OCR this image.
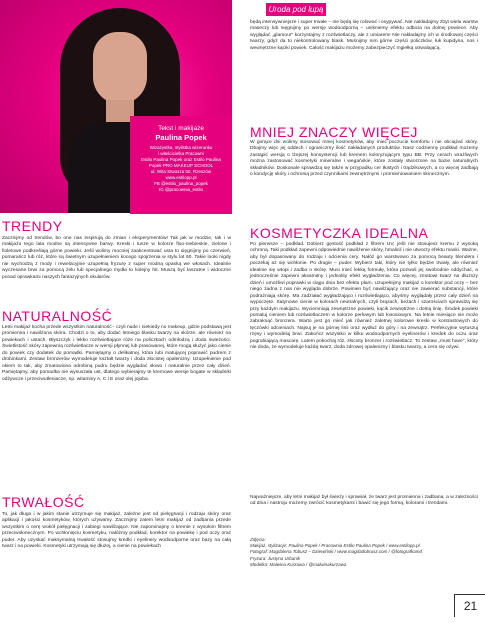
Uroda pod lupą
Tekst i makijaże
Paulina Popek
Wizażystka, stylistka wizerunku
i właścicielka Pracowni
Estilo Paulina Popek oraz Estilo Paulina
Popek PRO MAKEUP SCHOOL
ul. Wita Stwosza 50, Rzeszów
www.estilopp.pl
FB @estilo_paulina_popek
IG @pracownia_estilo
TRENDY

Zacznijmy od trendów, bo one nas inspirują do zmian i eksperymentów! Tak jak w modzie, tak i w makijażu tego lata modne są intensywne barwy. Kreski i tusze w kolorze fluo-niebieskie, zielone i fioletowe podkreślają górne powieki. Jeśli wolimy mocniej zaakcentować usta to sięgnijmy po czerwień, pomarańcz lub róż, które są świetnym uzupełnieniem kocego spojrzenia w stylu lat 60. Takie looki nigdy nie wychodzą z mody i rewelacyjnie uzupełnią fryzurę z super modną opaską we włosach. Idealnie wyczesane brwi za pomocą żelu lub specjalnego mydła to kolejny hit. Muszą być łaszatne i widoczne ponad oprawkami naszych fantazyjnych okularów.

NATURALNOŚĆ

Letni makijaż kocha przede wszystkim naturalność - czyli nude i niekiedy no makeup, gdzie podstawą jest promienna i nawilżona skóra. Chodzi o to, aby dodać letniego blasku twarzy na skórze, ale również na powiekach i ustach. Błyszczyk i lekko rozświetlające róże na policzkach odmłodzą i doda świeżości. Świetlistość skóry zapewnią rozświetlacze w wersji płynnej lub prasowanej, które mogą służyć jako cienie do powiek czy dodatek do pomadki. Pamiętajmy o delikatnej, która lubi matującej poprawić pudrem z drobinkami. Zestaw bronzerów wymodeluje kształt twarzy i doda złocistej opalenizny. Uzupełnienie pod okiem to tak, aby zmatowiona odrobiną pudru będzie wygladać słowo i naturalnie przez cały dzień. Pamiętajmy, aby pomadka nie wysuszała ust, dlatego wybierajmy te kremowe wersje bogate w składniki odżywcze i przeciwutleniacze, np. witaminy A, C i E oraz olej jojoba.

TRWAŁOŚĆ

To, jak długo i w jakim stanie utrzymuje się makijaż, zależne jest od pielęgnacji i rodzaju skóry oraz aplikacji i jakości kosmetyków, których używamy. Zacznijmy zatem letni makijaż od zadbania przede wszystkim o cerę wokół pielęgnacji i zabiegi nawilżające. Nie zapominajmy o kremie z wysokim filtrem przeciwsłonecznym. Po wchłonięciu kosmetyku, nałóżmy podkład, korektor na powiekę i pod oczy oraz puder. Aby uzyskać maksymalną trwałość stosujmy kredki i eyelinery wodoodporne oraz bazy na całą twarz i na powieki. Kosmetyki utrzymają się dłużej, a cienie na powiekach

będą intensywniejsze i super trwałe – nie będą się rolować i osypywać. Nie nakładajmy zbyt wielu warstw maseczy lub sięgnijmy po wersję wodoodporną – unikniemy efektu odbicia na dolnej powiece. Aby wyglądać „glamour" korzystajmy z rozświetlaczy, ale z umiarem! Nie nakładajmy ich w środkowej części twarzy, gdyż da to niekontrolowany blask. Muśnijmy nim górne części policzków, łuk kupidyna, nos i wewnętrzne kąciki powiek. Całość makijażu możemy zabezpieczyć mgiełką utrwalającą.

MNIEJ ZNACZY WIĘCEJ

W gorące dni wolimy stosować mniej kosmetyków, aby mieć poczucie komfortu i nie obciążać skóry. Dbajmy więc jej oddech i ograniczmy ilość nakładanych produktów. Nasz codzienny podkład możemy zastąpić wersją o lżejszej konsystencji lub kremem koloryzującym typu BB. Przy cerach wrażliwych można zastosować kosmetyki mineralne i wegańskie, które zostały stworzone na bazie naturalnych składników. Doskonale sprawdzą się także w przypadku cer tłustych i trądzikowych, a co więcej zadbają o kondycję skóry i ochronią przed czynnikami zewnętrznymi i promieniowaniem słonecznym.

KOSMETYCZKA IDEALNA

Po pierwsze – podkład. Dobierz gęstość podkład z filtrem UV, jeśli nie stosujesz kremu z wysoką ochroną. Taki podkład zapewni odpowiednie nawilżenie skóry, hmalicil i nie utworzy efektu maski. Ważne, aby był dopasowany do rodzaju i odcienia cery. Nałóż go warstwowo za pomocą beauty blendera i poczekaj aż się wchłonie. Po drugie – puder. Wybierz taki, który nie tylko będzie trwały, ale również idealnie się wtopi i zadba o skórę. Musi mieć lekką formułę, która pozwoli jej swobodnie oddychać, a jednocześnie zapewni aksamitny i jednolity efekt wygładzenia. Co więcej, zmatowi twarz na dłuższy dzień i umożliwi poprawki w ciągu dnia bez efektu plam. Uzupełnijmy makijaż o korektor pod oczy – bez niego żadna z nas nie wygląda dobrze. Powinien być nawilżający oraz nie zawierać substancji, które podrażniają skórę. Ma zadziałać wygładzająco i rozświetlająco, abyśmy wyglądały przez cały dzień na wypoczęte. Satynowe cienie w kolorach neutralnych, czyli brązach, beżach i szarościach sprawdzą się przy każdym makijażu. Wyciemniają zewnętrzne powieki, kącik zewnętrzne i dolną linię. Środek powieki pomaluj cieniem lub rozświetlaczem w kolorze perłowym lub łososiowym. Na letnie miesiące nie może zabraknąć bronzera. Warto jest go mieć jak również zaletnej kolorowe kreski w kontrastowych do tęczówki odcieniach. Najsuj je na górnej linii oraz wydłuż do góry i na zewnątrz. Perfekcyjnie wytuszuj rzęsy i wymodeluj brwi. Zakończ wszystko w kilku wodoodpornych eyelinerów i kredek do oczu oraz pogrubiającą mascarę. Latem pokochaj róż, złocisty bronzer i rozświetlacz. To zestaw „must have", który nie doda, że wymodeluje każdą twarz, doda zdrowej opalenizny i blasku twarzy, a cera się ożywi.

Najważniejsze, aby letni makijaż był świeży i sprawiał, że twarz jest promienna i zadbana, a w zależności od dnia i nastroju możemy zwrócić kosmetykami i bawić się jego formą, kolorami i trendami.

Zdjęcia:
Makijaż, stylizacje: Paulina Popek / Pracownia Estilo Paulina Popek / www.estilopp.pl
Fotograf: Magdalena Tobusz – Dziewiński / www.magdadobrusz.com / @fotografkamd
Fryzura: Justyna Urbanik
Modelka: Malwina Kurzawa / @malwinakurzawa
21
